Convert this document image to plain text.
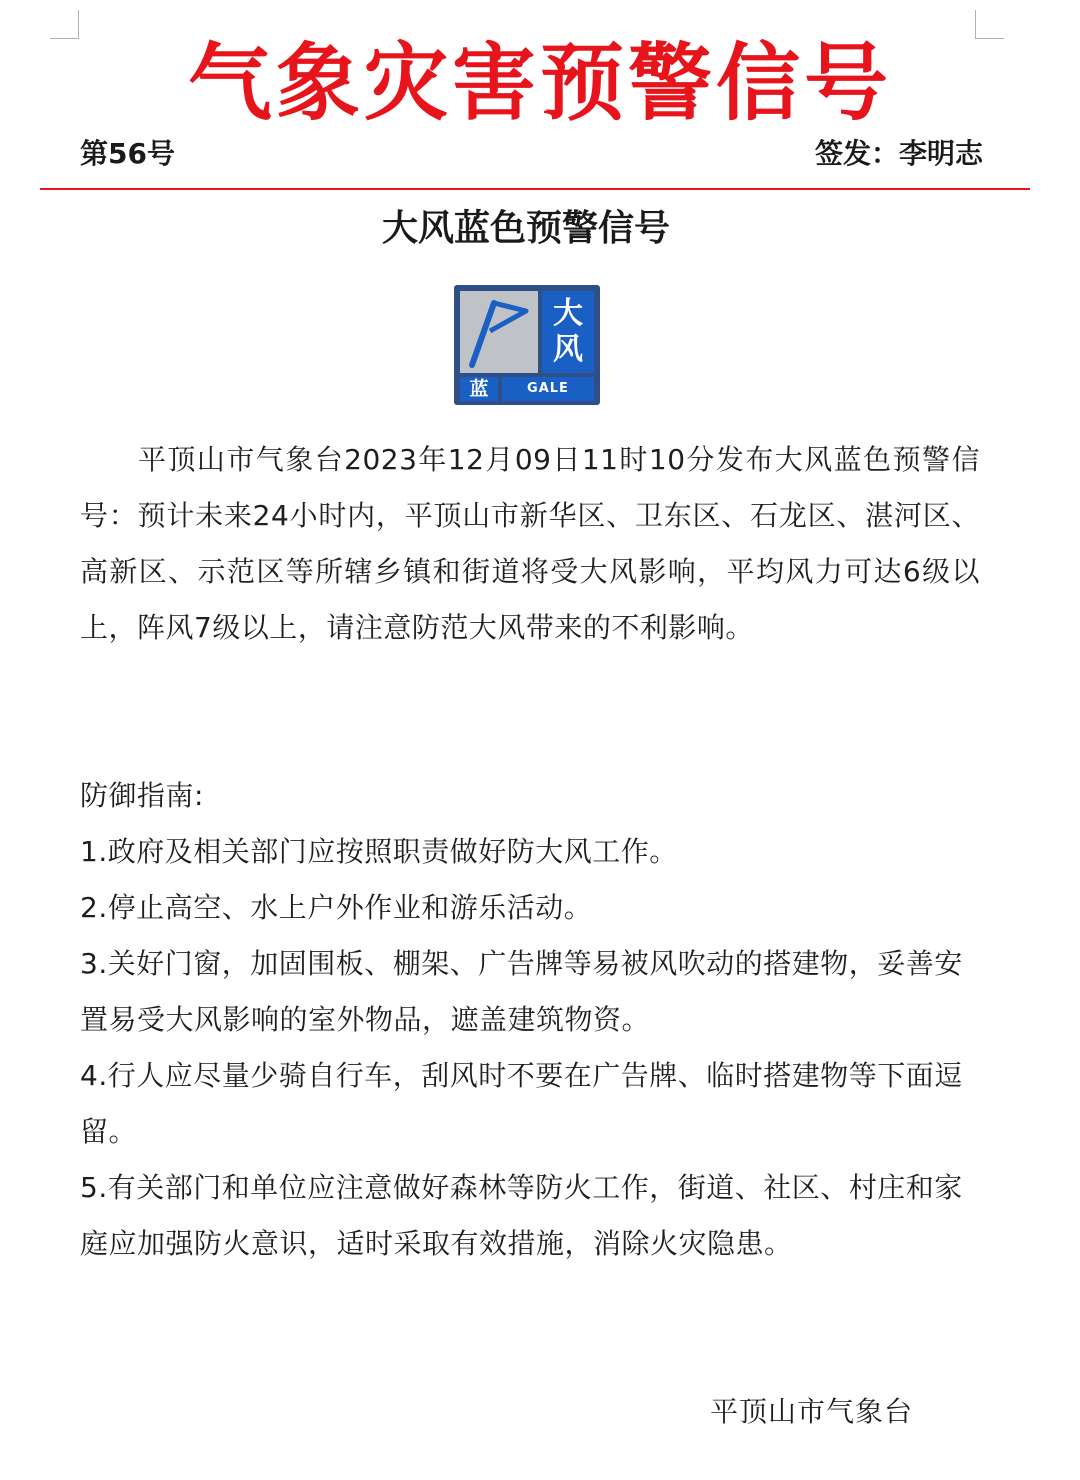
气象灾害预警信号
第56号	签发：李明志
大风蓝色预警信号
大
风
蓝	GALE
平顶山市气象台2023年12月09日11时10分发布大风蓝色预警信号：预计未来24小时内，平顶山市新华区、卫东区、石龙区、湛河区、高新区、示范区等所辖乡镇和街道将受大风影响，平均风力可达6级以上，阵风7级以上，请注意防范大风带来的不利影响。
防御指南:
1.政府及相关部门应按照职责做好防大风工作。
2.停止高空、水上户外作业和游乐活动。
3.关好门窗，加固围板、棚架、广告牌等易被风吹动的搭建物，妥善安置易受大风影响的室外物品，遮盖建筑物资。
4.行人应尽量少骑自行车，刮风时不要在广告牌、临时搭建物等下面逗留。
5.有关部门和单位应注意做好森林等防火工作，街道、社区、村庄和家庭应加强防火意识，适时采取有效措施，消除火灾隐患。
平顶山市气象台
